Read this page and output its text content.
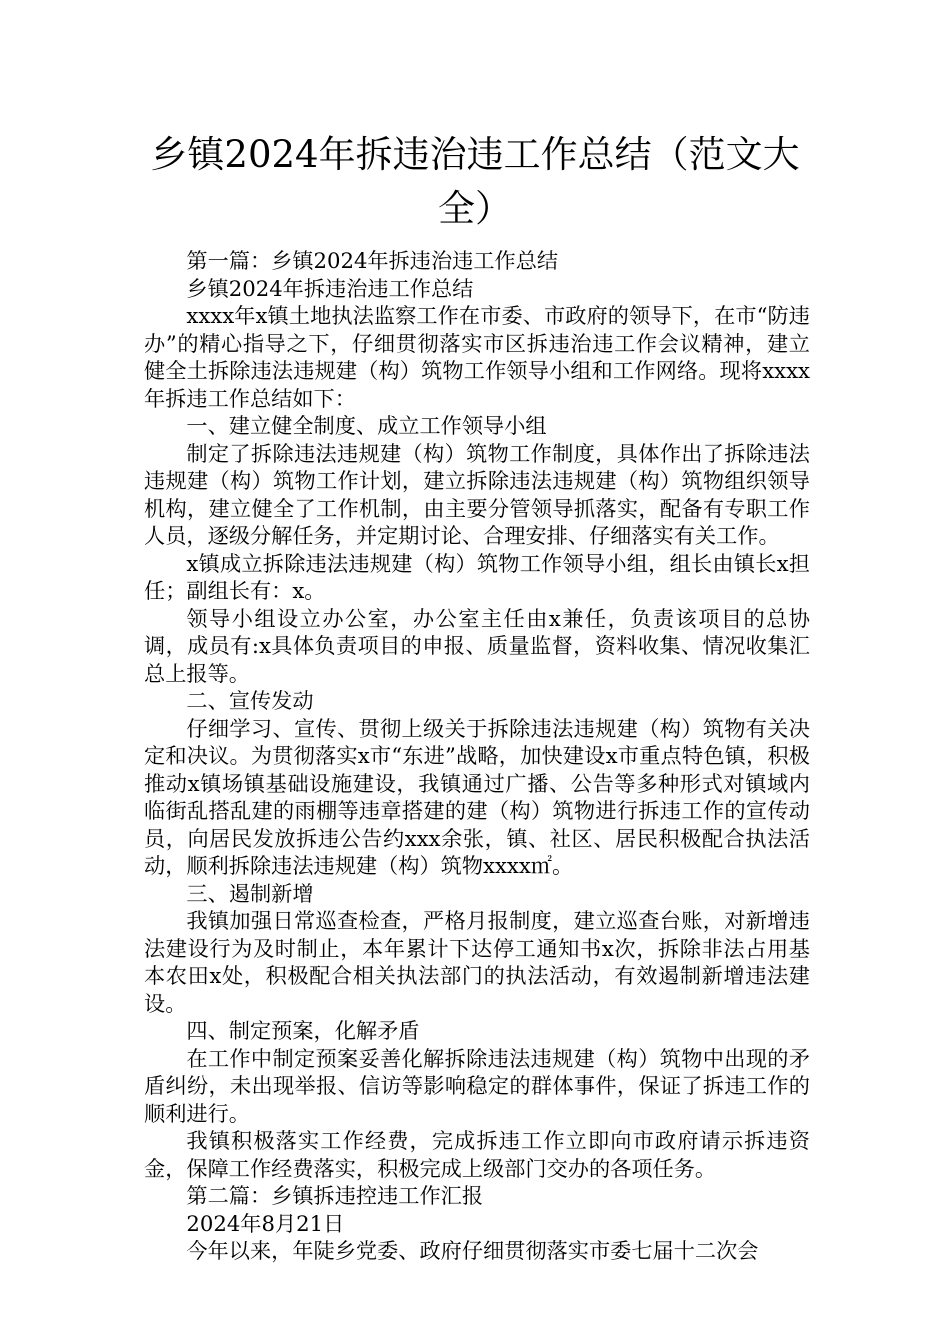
乡镇2024年拆违治违工作总结（范文大全）

第一篇：乡镇2024年拆违治违工作总结

乡镇2024年拆违治违工作总结

xxxx年x镇土地执法监察工作在市委、市政府的领导下，在市“防违办”的精心指导之下，仔细贯彻落实市区拆违治违工作会议精神，建立健全土拆除违法违规建（构）筑物工作领导小组和工作网络。现将xxxx年拆违工作总结如下：

一、建立健全制度、成立工作领导小组

制定了拆除违法违规建（构）筑物工作制度，具体作出了拆除违法违规建（构）筑物工作计划，建立拆除违法违规建（构）筑物组织领导机构，建立健全了工作机制，由主要分管领导抓落实，配备有专职工作人员，逐级分解任务，并定期讨论、合理安排、仔细落实有关工作。

x镇成立拆除违法违规建（构）筑物工作领导小组，组长由镇长x担任；副组长有：x。

领导小组设立办公室，办公室主任由x兼任，负责该项目的总协调，成员有:x具体负责项目的申报、质量监督，资料收集、情况收集汇总上报等。

二、宣传发动

仔细学习、宣传、贯彻上级关于拆除违法违规建（构）筑物有关决定和决议。为贯彻落实x市“东进”战略，加快建设x市重点特色镇，积极推动x镇场镇基础设施建设，我镇通过广播、公告等多种形式对镇域内临街乱搭乱建的雨棚等违章搭建的建（构）筑物进行拆违工作的宣传动员，向居民发放拆违公告约xxx余张，镇、社区、居民积极配合执法活动，顺利拆除违法违规建（构）筑物xxxx㎡。

三、遏制新增

我镇加强日常巡查检查，严格月报制度，建立巡查台账，对新增违法建设行为及时制止，本年累计下达停工通知书x次，拆除非法占用基本农田x处，积极配合相关执法部门的执法活动，有效遏制新增违法建设。

四、制定预案，化解矛盾

在工作中制定预案妥善化解拆除违法违规建（构）筑物中出现的矛盾纠纷，未出现举报、信访等影响稳定的群体事件，保证了拆违工作的顺利进行。

我镇积极落实工作经费，完成拆违工作立即向市政府请示拆违资金，保障工作经费落实，积极完成上级部门交办的各项任务。

第二篇：乡镇拆违控违工作汇报

2024年8月21日

今年以来，年陡乡党委、政府仔细贯彻落实市委七届十二次会
